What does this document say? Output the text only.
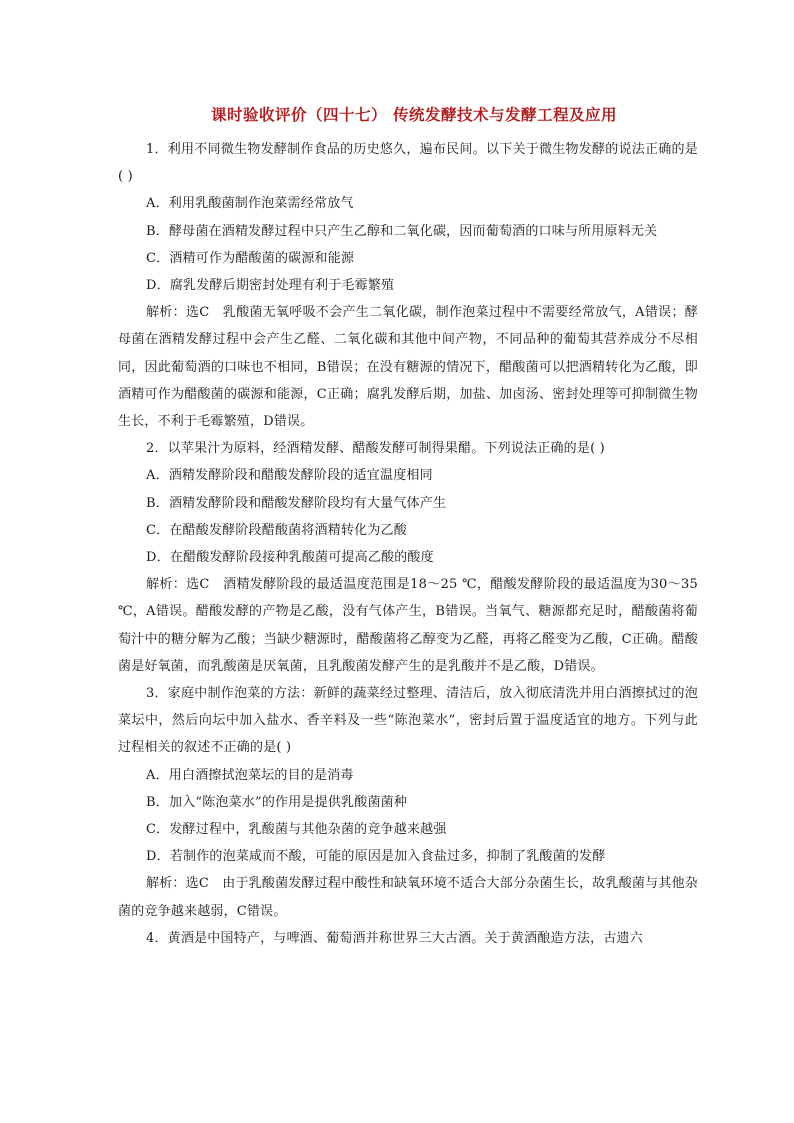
课时验收评价（四十七） 传统发酵技术与发酵工程及应用

1．利用不同微生物发酵制作食品的历史悠久，遍布民间。以下关于微生物发酵的说法正确的是( )

A．利用乳酸菌制作泡菜需经常放气

B．酵母菌在酒精发酵过程中只产生乙醇和二氧化碳，因而葡萄酒的口味与所用原料无关

C．酒精可作为醋酸菌的碳源和能源

D．腐乳发酵后期密封处理有利于毛霉繁殖

解析：选C　乳酸菌无氧呼吸不会产生二氧化碳，制作泡菜过程中不需要经常放气，A错误；酵母菌在酒精发酵过程中会产生乙醛、二氧化碳和其他中间产物，不同品种的葡萄其营养成分不尽相同，因此葡萄酒的口味也不相同，B错误；在没有糖源的情况下，醋酸菌可以把酒精转化为乙酸，即酒精可作为醋酸菌的碳源和能源，C正确；腐乳发酵后期，加盐、加卤汤、密封处理等可抑制微生物生长，不利于毛霉繁殖，D错误。

2．以苹果汁为原料，经酒精发酵、醋酸发酵可制得果醋。下列说法正确的是( )

A．酒精发酵阶段和醋酸发酵阶段的适宜温度相同

B．酒精发酵阶段和醋酸发酵阶段均有大量气体产生

C．在醋酸发酵阶段醋酸菌将酒精转化为乙酸

D．在醋酸发酵阶段接种乳酸菌可提高乙酸的酸度

解析：选C　酒精发酵阶段的最适温度范围是18～25 ℃，醋酸发酵阶段的最适温度为30～35 ℃，A错误。醋酸发酵的产物是乙酸，没有气体产生，B错误。当氧气、糖源都充足时，醋酸菌将葡萄汁中的糖分解为乙酸；当缺少糖源时，醋酸菌将乙醇变为乙醛，再将乙醛变为乙酸，C正确。醋酸菌是好氧菌，而乳酸菌是厌氧菌，且乳酸菌发酵产生的是乳酸并不是乙酸，D错误。

3．家庭中制作泡菜的方法：新鲜的蔬菜经过整理、清洁后，放入彻底清洗并用白酒擦拭过的泡菜坛中，然后向坛中加入盐水、香辛料及一些“陈泡菜水”，密封后置于温度适宜的地方。下列与此过程相关的叙述不正确的是( )

A．用白酒擦拭泡菜坛的目的是消毒

B．加入“陈泡菜水”的作用是提供乳酸菌菌种

C．发酵过程中，乳酸菌与其他杂菌的竞争越来越强

D．若制作的泡菜咸而不酸，可能的原因是加入食盐过多，抑制了乳酸菌的发酵

解析：选C　由于乳酸菌发酵过程中酸性和缺氧环境不适合大部分杂菌生长，故乳酸菌与其他杂菌的竞争越来越弱，C错误。

4．黄酒是中国特产，与啤酒、葡萄酒并称世界三大古酒。关于黄酒酿造方法，古遗六
